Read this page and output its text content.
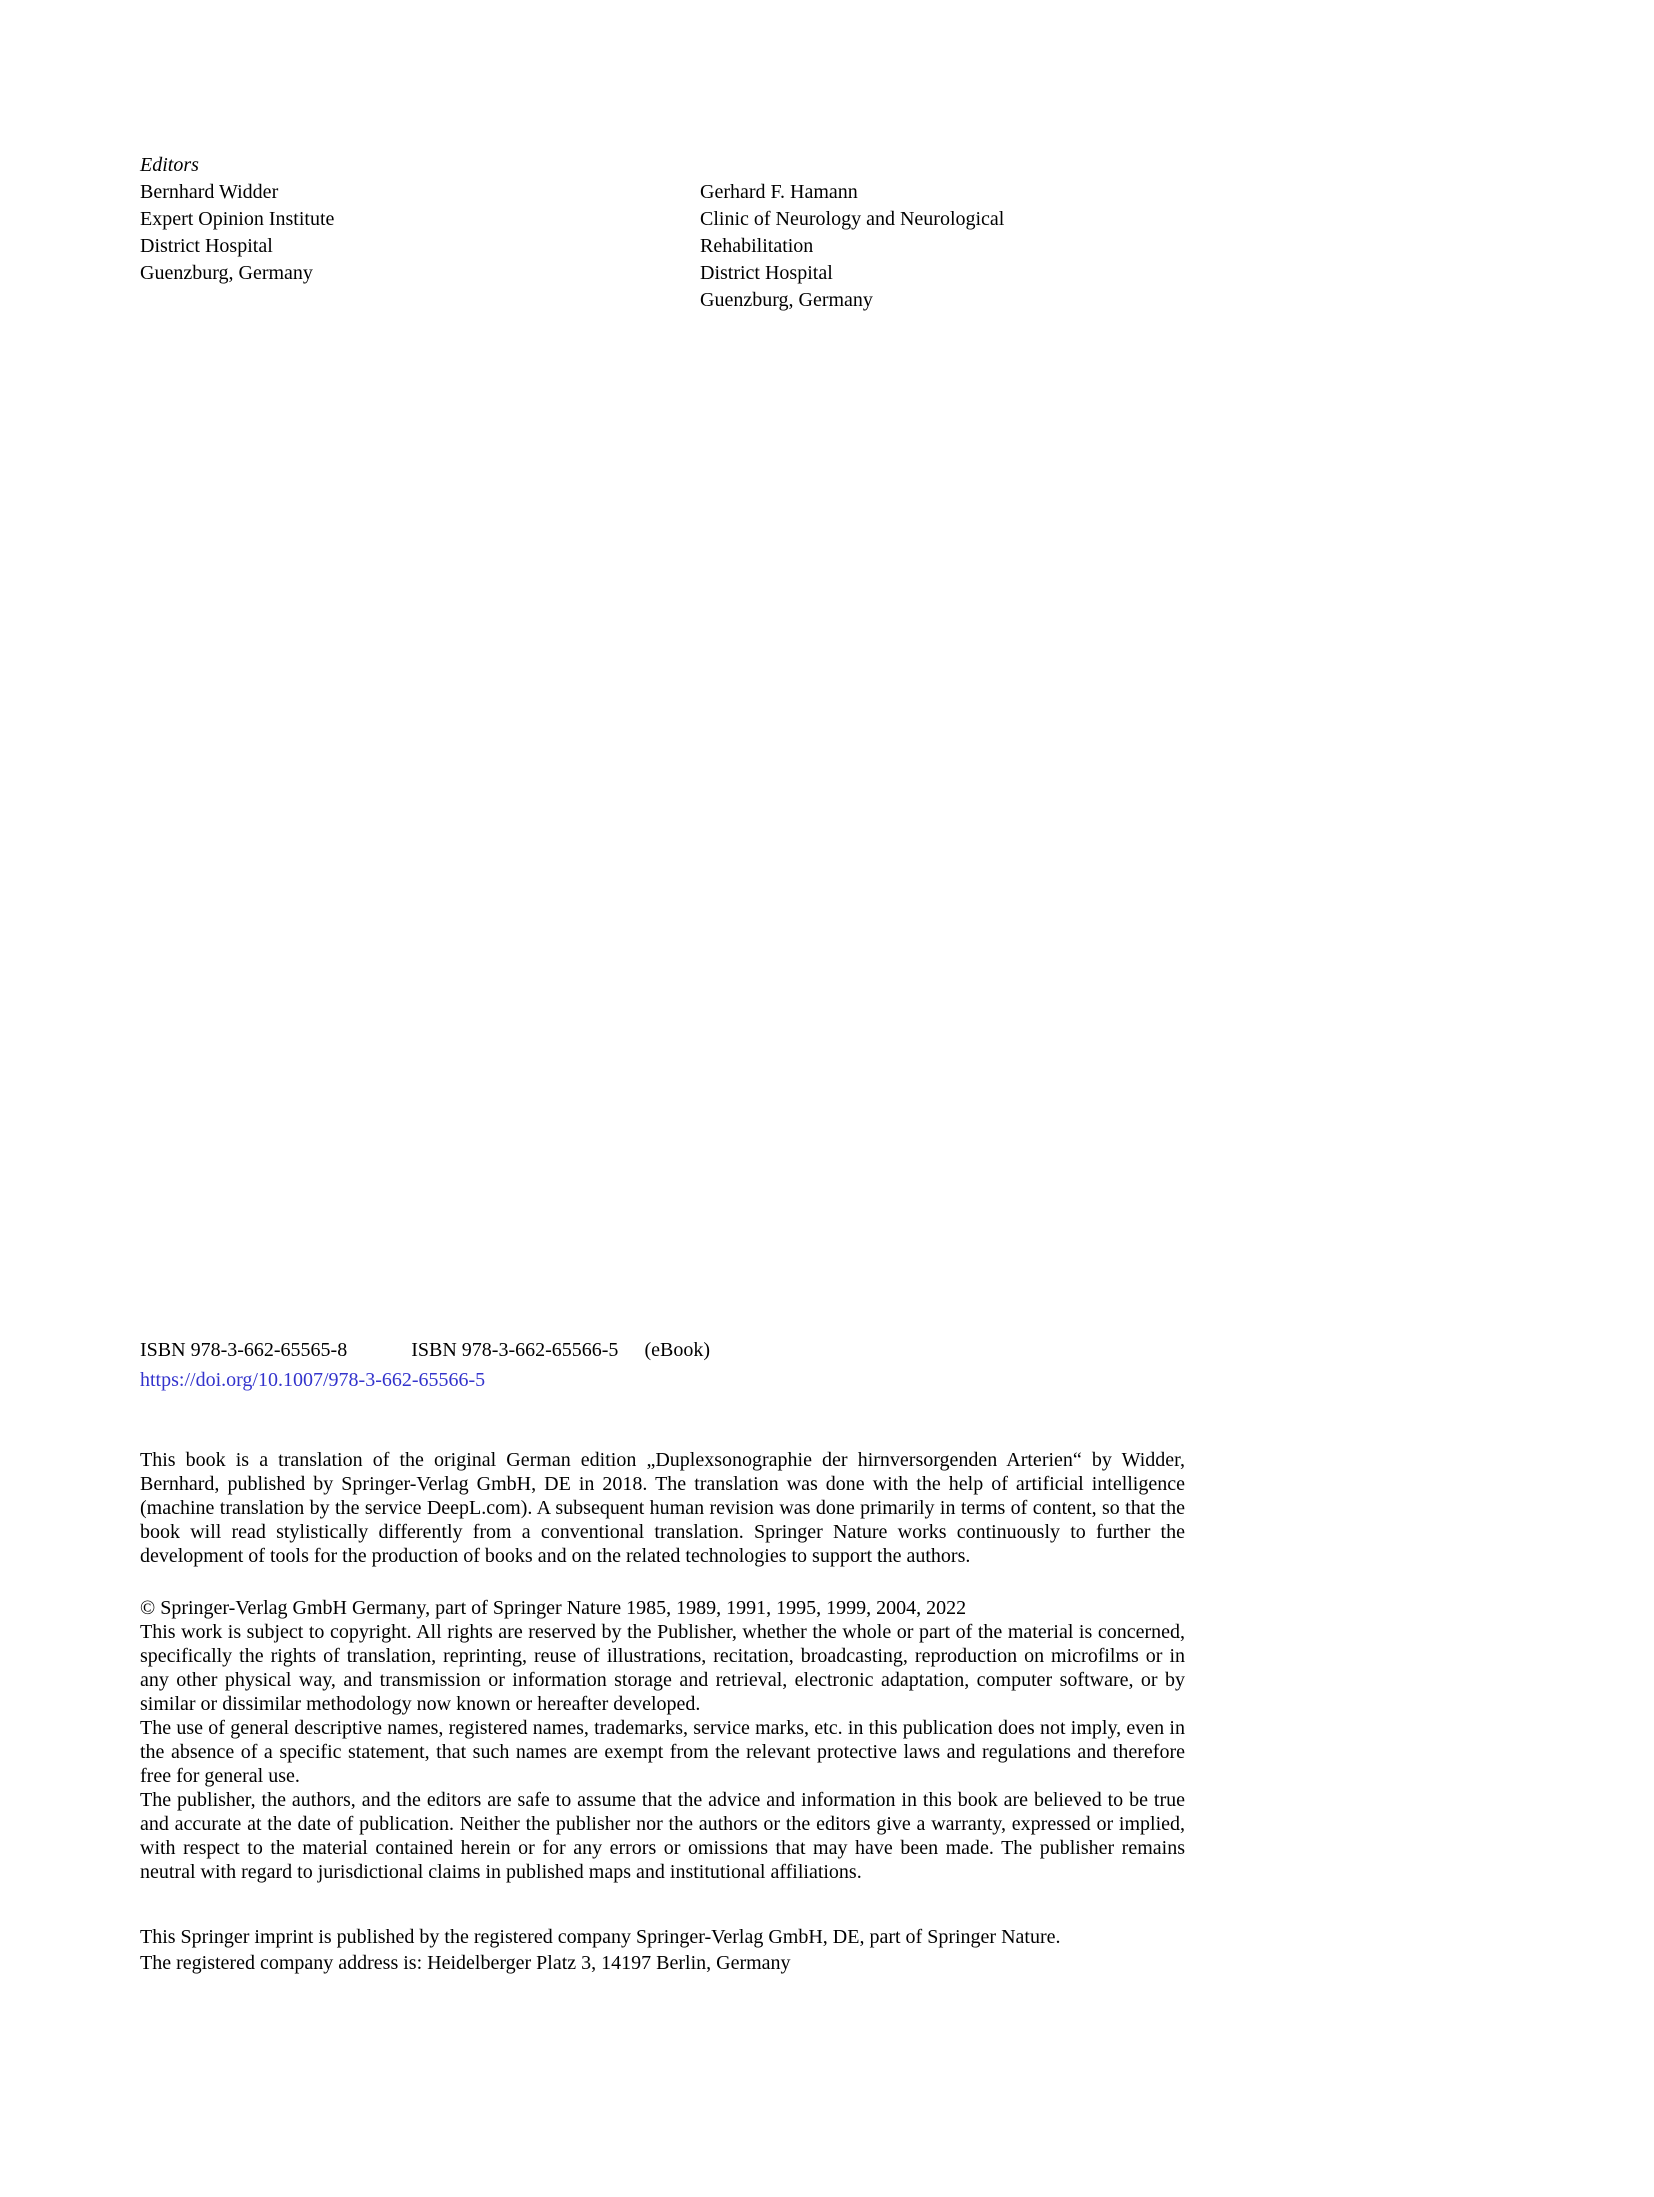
Editors
Bernhard Widder
Expert Opinion Institute
District Hospital
Guenzburg, Germany
Gerhard F. Hamann
Clinic of Neurology and Neurological
Rehabilitation
District Hospital
Guenzburg, Germany
ISBN 978-3-662-65565-8	ISBN 978-3-662-65566-5 (eBook)
https://doi.org/10.1007/978-3-662-65566-5

This book is a translation of the original German edition „Duplexsonographie der hirnversorgenden Arterien“ by Widder, Bernhard, published by Springer-Verlag GmbH, DE in 2018. The translation was done with the help of artificial intelligence (machine translation by the service DeepL.com). A subsequent human revision was done primarily in terms of content, so that the book will read stylistically differently from a conventional translation. Springer Nature works continuously to further the development of tools for the production of books and on the related technologies to support the authors.

© Springer-Verlag GmbH Germany, part of Springer Nature 1985, 1989, 1991, 1995, 1999, 2004, 2022

This work is subject to copyright. All rights are reserved by the Publisher, whether the whole or part of the material is concerned, specifically the rights of translation, reprinting, reuse of illustrations, recitation, broadcasting, reproduction on microfilms or in any other physical way, and transmission or information storage and retrieval, electronic adaptation, computer software, or by similar or dissimilar methodology now known or hereafter developed.

The use of general descriptive names, registered names, trademarks, service marks, etc. in this publication does not imply, even in the absence of a specific statement, that such names are exempt from the relevant protective laws and regulations and therefore free for general use.

The publisher, the authors, and the editors are safe to assume that the advice and information in this book are believed to be true and accurate at the date of publication. Neither the publisher nor the authors or the editors give a warranty, expressed or implied, with respect to the material contained herein or for any errors or omissions that may have been made. The publisher remains neutral with regard to jurisdictional claims in published maps and institutional affiliations.

This Springer imprint is published by the registered company Springer-Verlag GmbH, DE, part of Springer Nature.
The registered company address is: Heidelberger Platz 3, 14197 Berlin, Germany
